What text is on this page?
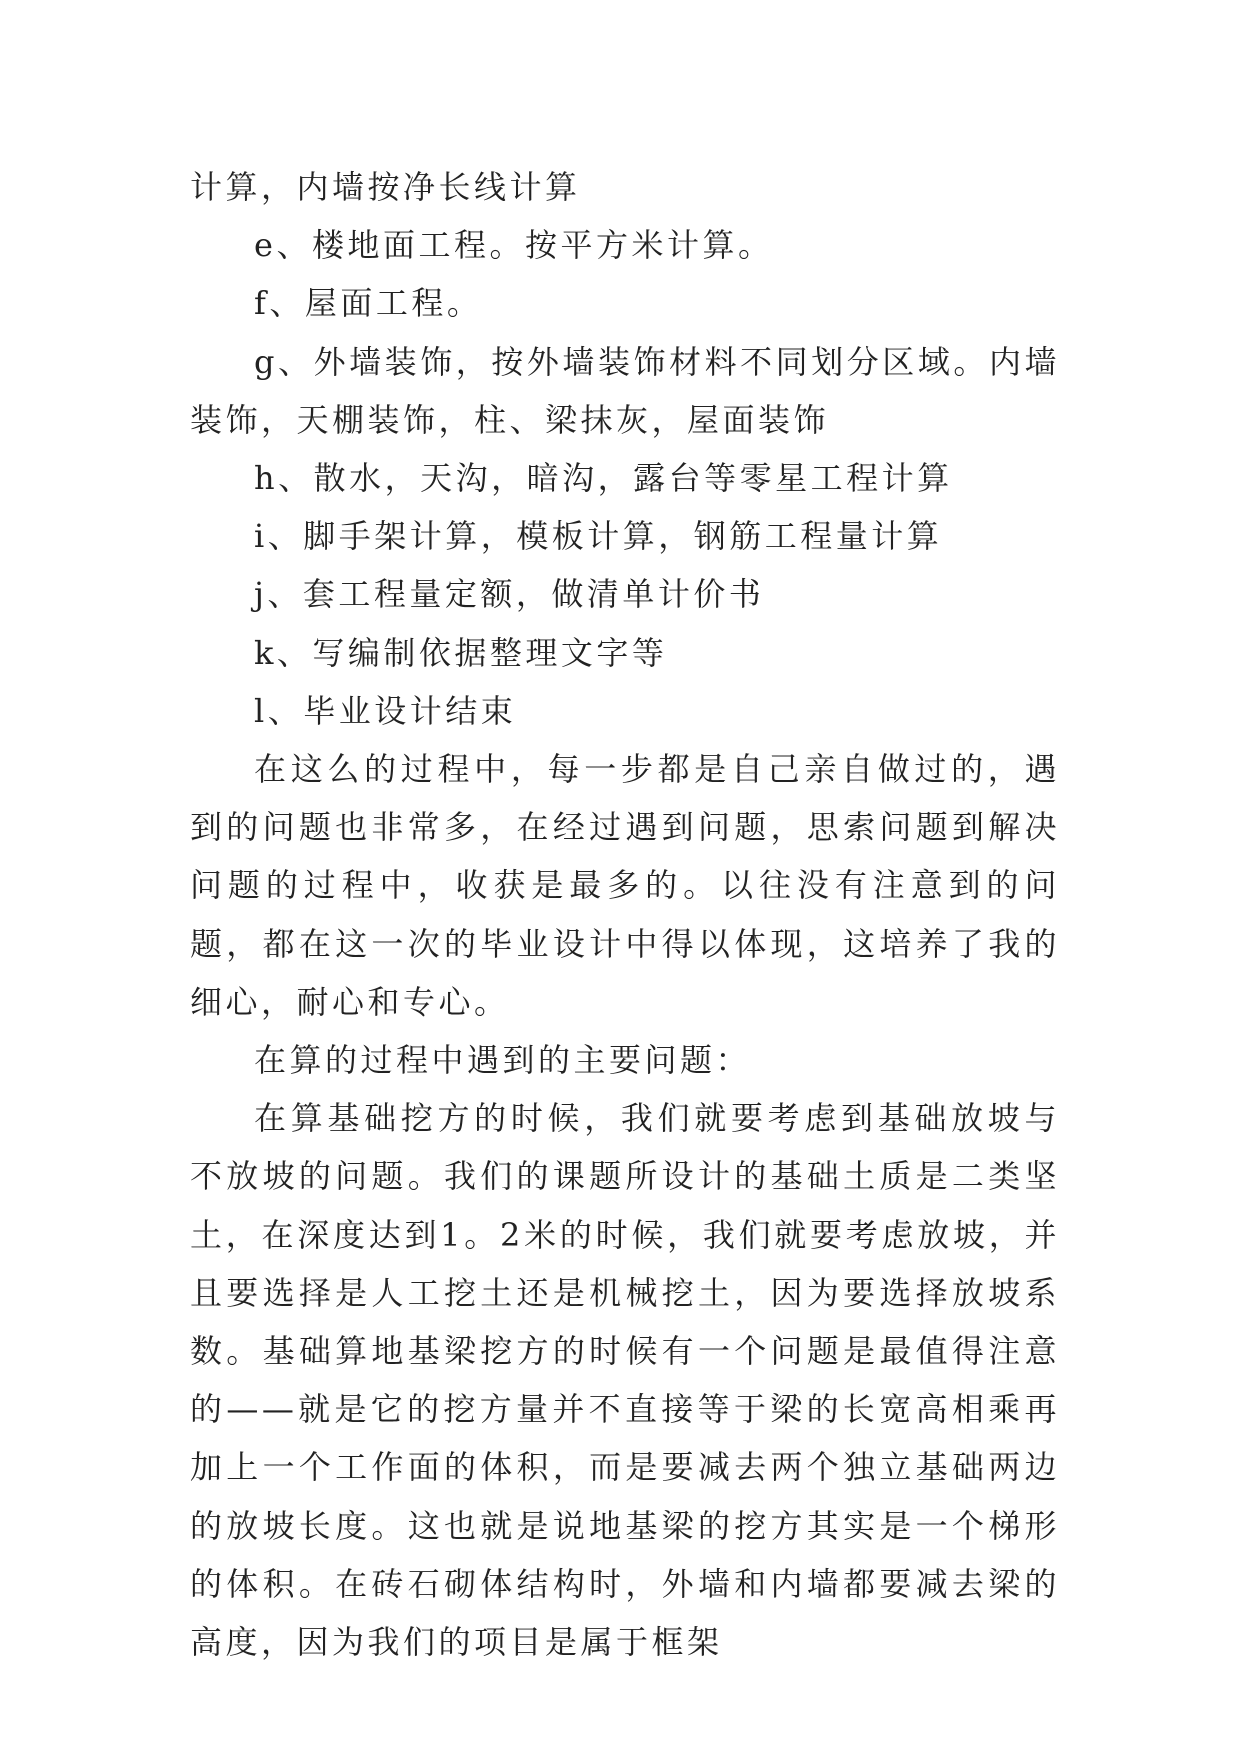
计算，内墙按净长线计算

e、楼地面工程。按平方米计算。

f、屋面工程。

g、外墙装饰，按外墙装饰材料不同划分区域。内墙装饰，天棚装饰，柱、梁抹灰，屋面装饰

h、散水，天沟，暗沟，露台等零星工程计算

i、脚手架计算，模板计算，钢筋工程量计算

j、套工程量定额，做清单计价书

k、写编制依据整理文字等

l、毕业设计结束

在这么的过程中，每一步都是自己亲自做过的，遇到的问题也非常多，在经过遇到问题，思索问题到解决问题的过程中，收获是最多的。以往没有注意到的问题，都在这一次的毕业设计中得以体现，这培养了我的细心，耐心和专心。

在算的过程中遇到的主要问题：

在算基础挖方的时候，我们就要考虑到基础放坡与不放坡的问题。我们的课题所设计的基础土质是二类坚土，在深度达到1。2米的时候，我们就要考虑放坡，并且要选择是人工挖土还是机械挖土，因为要选择放坡系数。基础算地基梁挖方的时候有一个问题是最值得注意的——就是它的挖方量并不直接等于梁的长宽高相乘再加上一个工作面的体积，而是要减去两个独立基础两边的放坡长度。这也就是说地基梁的挖方其实是一个梯形的体积。在砖石砌体结构时，外墙和内墙都要减去梁的高度，因为我们的项目是属于框架
